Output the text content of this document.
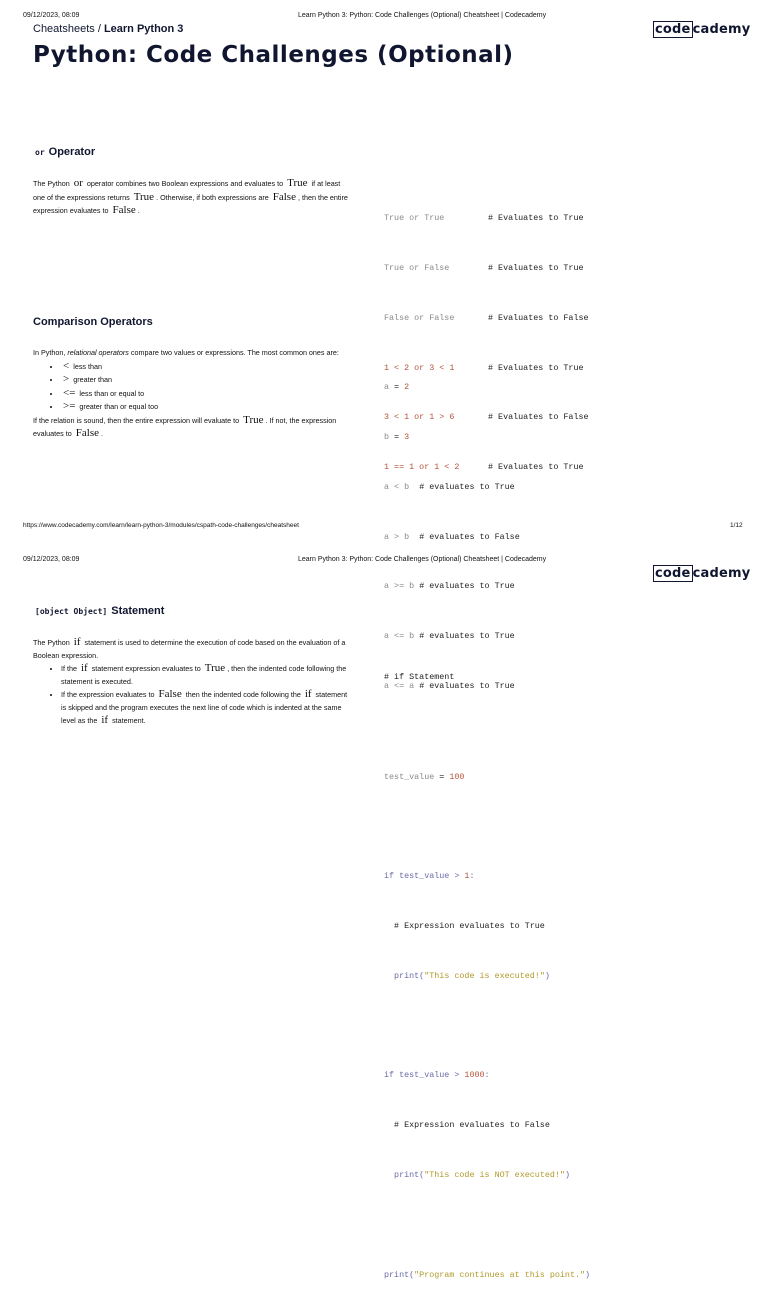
09/12/2023, 08:09	Learn Python 3: Python: Code Challenges (Optional) Cheatsheet | Codecademy
code cademy
Cheatsheets / Learn Python 3
Python: Code Challenges (Optional)
or Operator
The Python or operator combines two Boolean expressions and evaluates to True if at least one of the expressions returns True . Otherwise, if both expressions are False , then the entire expression evaluates to False .

True or True	# Evaluates to True

True or False	# Evaluates to True

False or False	# Evaluates to False

1 < 2 or 3 < 1	# Evaluates to True

3 < 1 or 1 > 6	# Evaluates to False

1 == 1 or 1 < 2	# Evaluates to True

Comparison Operators
In Python, relational operators compare two values or expressions. The most common ones are:
• < less than
• > greater than
• <= less than or equal to
• >= greater than or equal too
If the relation is sound, then the entire expression will evaluate to True . If not, the expression evaluates to False .

a = 2

b = 3

a < b # evaluates to True

a > b # evaluates to False

a >= b # evaluates to True

a <= b # evaluates to True

a <= a # evaluates to True

https://www.codecademy.com/learn/learn-python-3/modules/cspath-code-challenges/cheatsheet	1/12
09/12/2023, 08:09	Learn Python 3: Python: Code Challenges (Optional) Cheatsheet | Codecademy
code cademy
[object Object] Statement
The Python if statement is used to determine the execution of code based on the evaluation of a Boolean expression.
• If the if statement expression evaluates to True , then the indented code following the statement is executed.
• If the expression evaluates to False then the indented code following the if statement is skipped and the program executes the next line of code which is indented at the same level as the if statement.

# if Statement

test_value = 100

if test_value > 1:

# Expression evaluates to True

print("This code is executed!")

if test_value > 1000:

# Expression evaluates to False

print("This code is NOT executed!")

print("Program continues at this point.")
